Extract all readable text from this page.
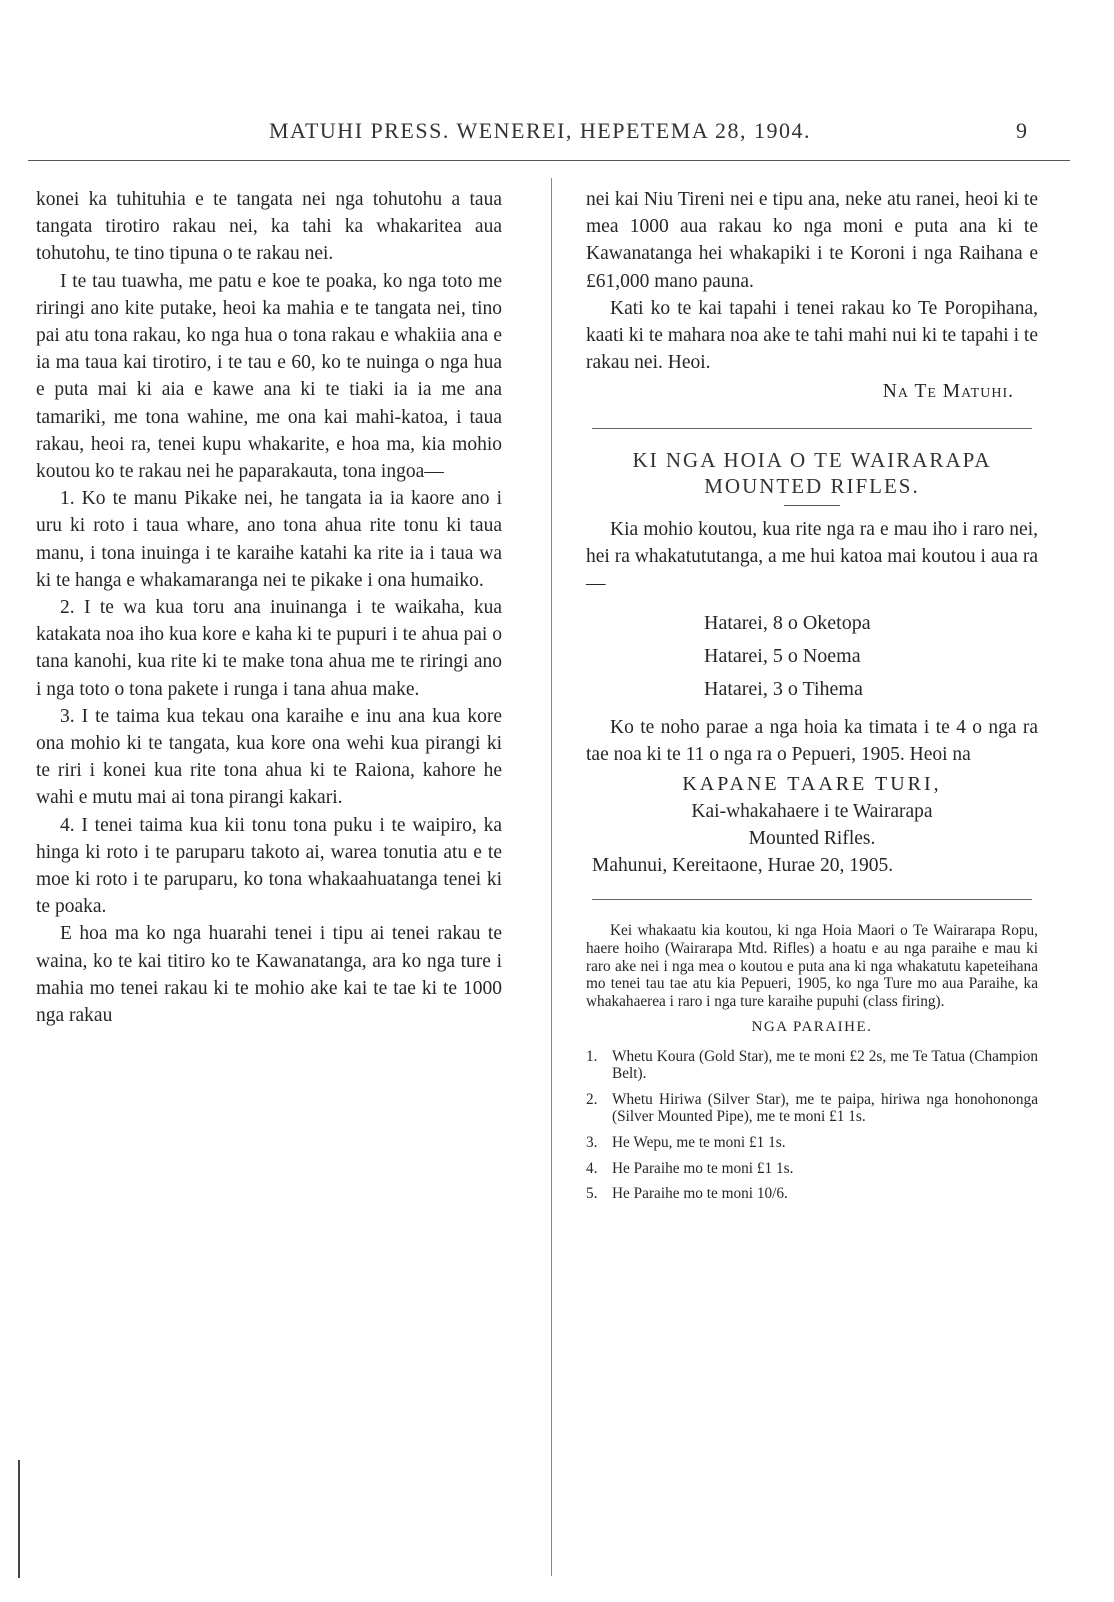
MATUHI PRESS. WENEREI, HEPETEMA 28, 1904.	9

konei ka tuhituhia e te tangata nei nga tohutohu a taua tangata tirotiro rakau nei, ka tahi ka whakaritea aua tohutohu, te tino tipuna o te rakau nei.

I te tau tuawha, me patu e koe te poaka, ko nga toto me riringi ano kite putake, heoi ka mahia e te tangata nei, tino pai atu tona rakau, ko nga hua o tona rakau e whakiia ana e ia ma taua kai tirotiro, i te tau e 60, ko te nuinga o nga hua e puta mai ki aia e kawe ana ki te tiaki ia ia me ana tamariki, me tona wahine, me ona kai mahi-katoa, i taua rakau, heoi ra, tenei kupu whakarite, e hoa ma, kia mohio koutou ko te rakau nei he paparakauta, tona ingoa—

1. Ko te manu Pikake nei, he tangata ia ia kaore ano i uru ki roto i taua whare, ano tona ahua rite tonu ki taua manu, i tona inuinga i te karaihe katahi ka rite ia i taua wa ki te hanga e whakamaranga nei te pikake i ona humaiko.

2. I te wa kua toru ana inuinanga i te waikaha, kua katakata noa iho kua kore e kaha ki te pupuri i te ahua pai o tana kanohi, kua rite ki te make tona ahua me te riringi ano i nga toto o tona pakete i runga i tana ahua make.

3. I te taima kua tekau ona karaihe e inu ana kua kore ona mohio ki te tangata, kua kore ona wehi kua pirangi ki te riri i konei kua rite tona ahua ki te Raiona, kahore he wahi e mutu mai ai tona pirangi kakari.

4. I tenei taima kua kii tonu tona puku i te waipiro, ka hinga ki roto i te paruparu takoto ai, warea tonutia atu e te moe ki roto i te paruparu, ko tona whakaahuatanga tenei ki te poaka.

E hoa ma ko nga huarahi tenei i tipu ai tenei rakau te waina, ko te kai titiro ko te Kawanatanga, ara ko nga ture i mahia mo tenei rakau ki te mohio ake kai te tae ki te 1000 nga rakau

nei kai Niu Tireni nei e tipu ana, neke atu ranei, heoi ki te mea 1000 aua rakau ko nga moni e puta ana ki te Kawanatanga hei whakapiki i te Koroni i nga Raihana e £61,000 mano pauna.

Kati ko te kai tapahi i tenei rakau ko Te Poropihana, kaati ki te mahara noa ake te tahi mahi nui ki te tapahi i te rakau nei. Heoi.

Na Te Matuhi.
KI NGA HOIA O TE WAIRARAPA
MOUNTED RIFLES.

Kia mohio koutou, kua rite nga ra e mau iho i raro nei, hei ra whakatututanga, a me hui katoa mai koutou i aua ra—

Hatarei, 8 o Oketopa
Hatarei, 5 o Noema
Hatarei, 3 o Tihema

Ko te noho parae a nga hoia ka timata i te 4 o nga ra tae noa ki te 11 o nga ra o Pepueri, 1905. Heoi na

KAPANE TAARE TURI,
Kai-whakahaere i te Wairarapa
Mounted Rifles.
Mahunui, Kereitaone, Hurae 20, 1905.

Kei whakaatu kia koutou, ki nga Hoia Maori o Te Wairarapa Ropu, haere hoiho (Wairarapa Mtd. Rifles) a hoatu e au nga paraihe e mau ki raro ake nei i nga mea o koutou e puta ana ki nga whakatutu kapeteihana mo tenei tau tae atu kia Pepueri, 1905, ko nga Ture mo aua Paraihe, ka whakahaerea i raro i nga ture karaihe pupuhi (class firing).

NGA PARAIHE.
1. Whetu Koura (Gold Star), me te moni £2 2s, me Te Tatua (Champion Belt).
2. Whetu Hiriwa (Silver Star), me te paipa, hiriwa nga honohononga (Silver Mounted Pipe), me te moni £1 1s.
3. He Wepu, me te moni £1 1s.
4. He Paraihe mo te moni £1 1s.
5. He Paraihe mo te moni 10/6.
